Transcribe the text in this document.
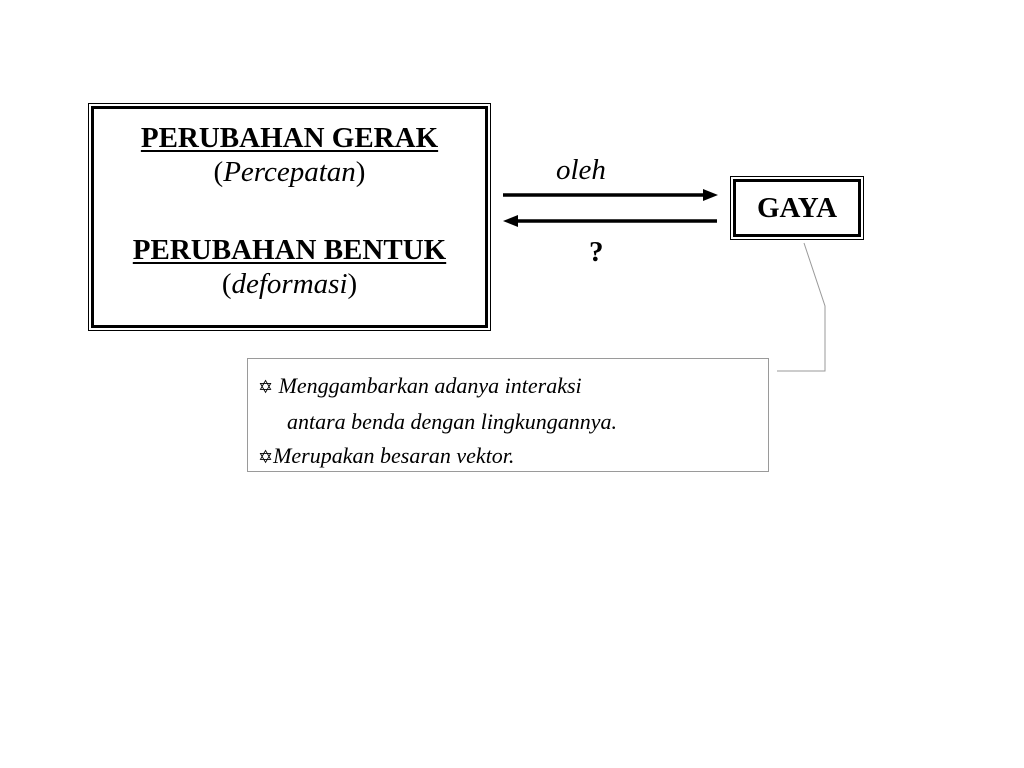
PERUBAHAN GERAK
(Percepatan)
PERUBAHAN BENTUK
(deformasi)
oleh
?
GAYA
✡ Menggambarkan adanya interaksi
antara benda dengan lingkungannya.
✡Merupakan besaran vektor.
